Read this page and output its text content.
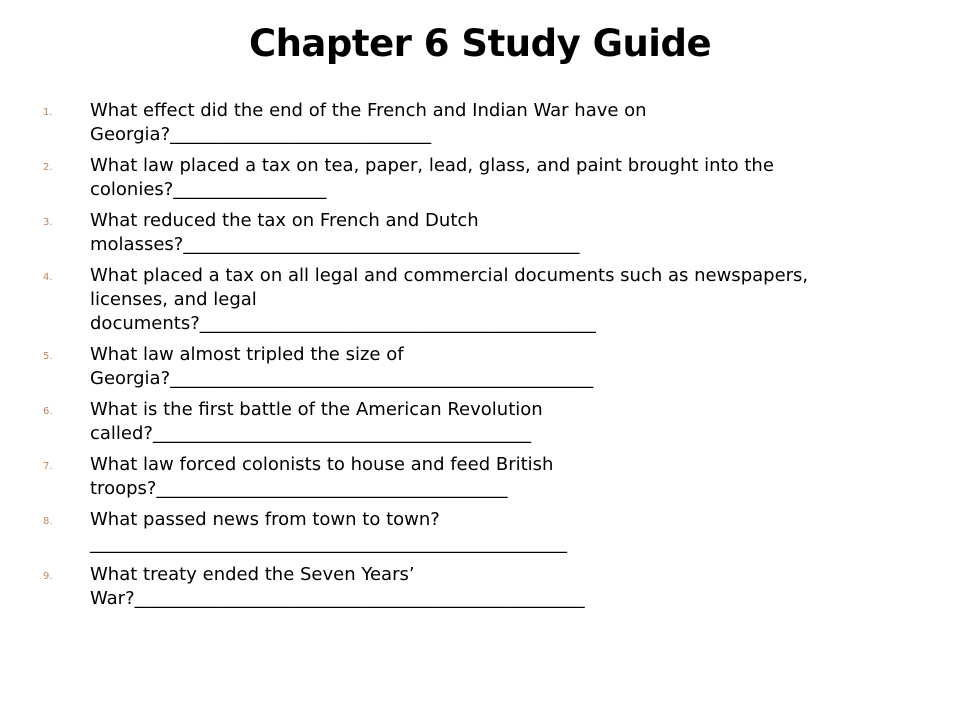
Chapter 6 Study Guide
1.	What effect did the end of the French and Indian War have on
Georgia?_____________________________
2.	What law placed a tax on tea, paper, lead, glass, and paint brought into the
colonies?_________________
3.	What reduced the tax on French and Dutch
molasses?____________________________________________
4.	What placed a tax on all legal and commercial documents such as newspapers,
licenses, and legal
documents?____________________________________________
5.	What law almost tripled the size of
Georgia?_______________________________________________
6.	What is the first battle of the American Revolution
called?__________________________________________
7.	What law forced colonists to house and feed British
troops?_______________________________________
8.	What passed news from town to town?
_____________________________________________________
9.	What treaty ended the Seven Years’
War?__________________________________________________
